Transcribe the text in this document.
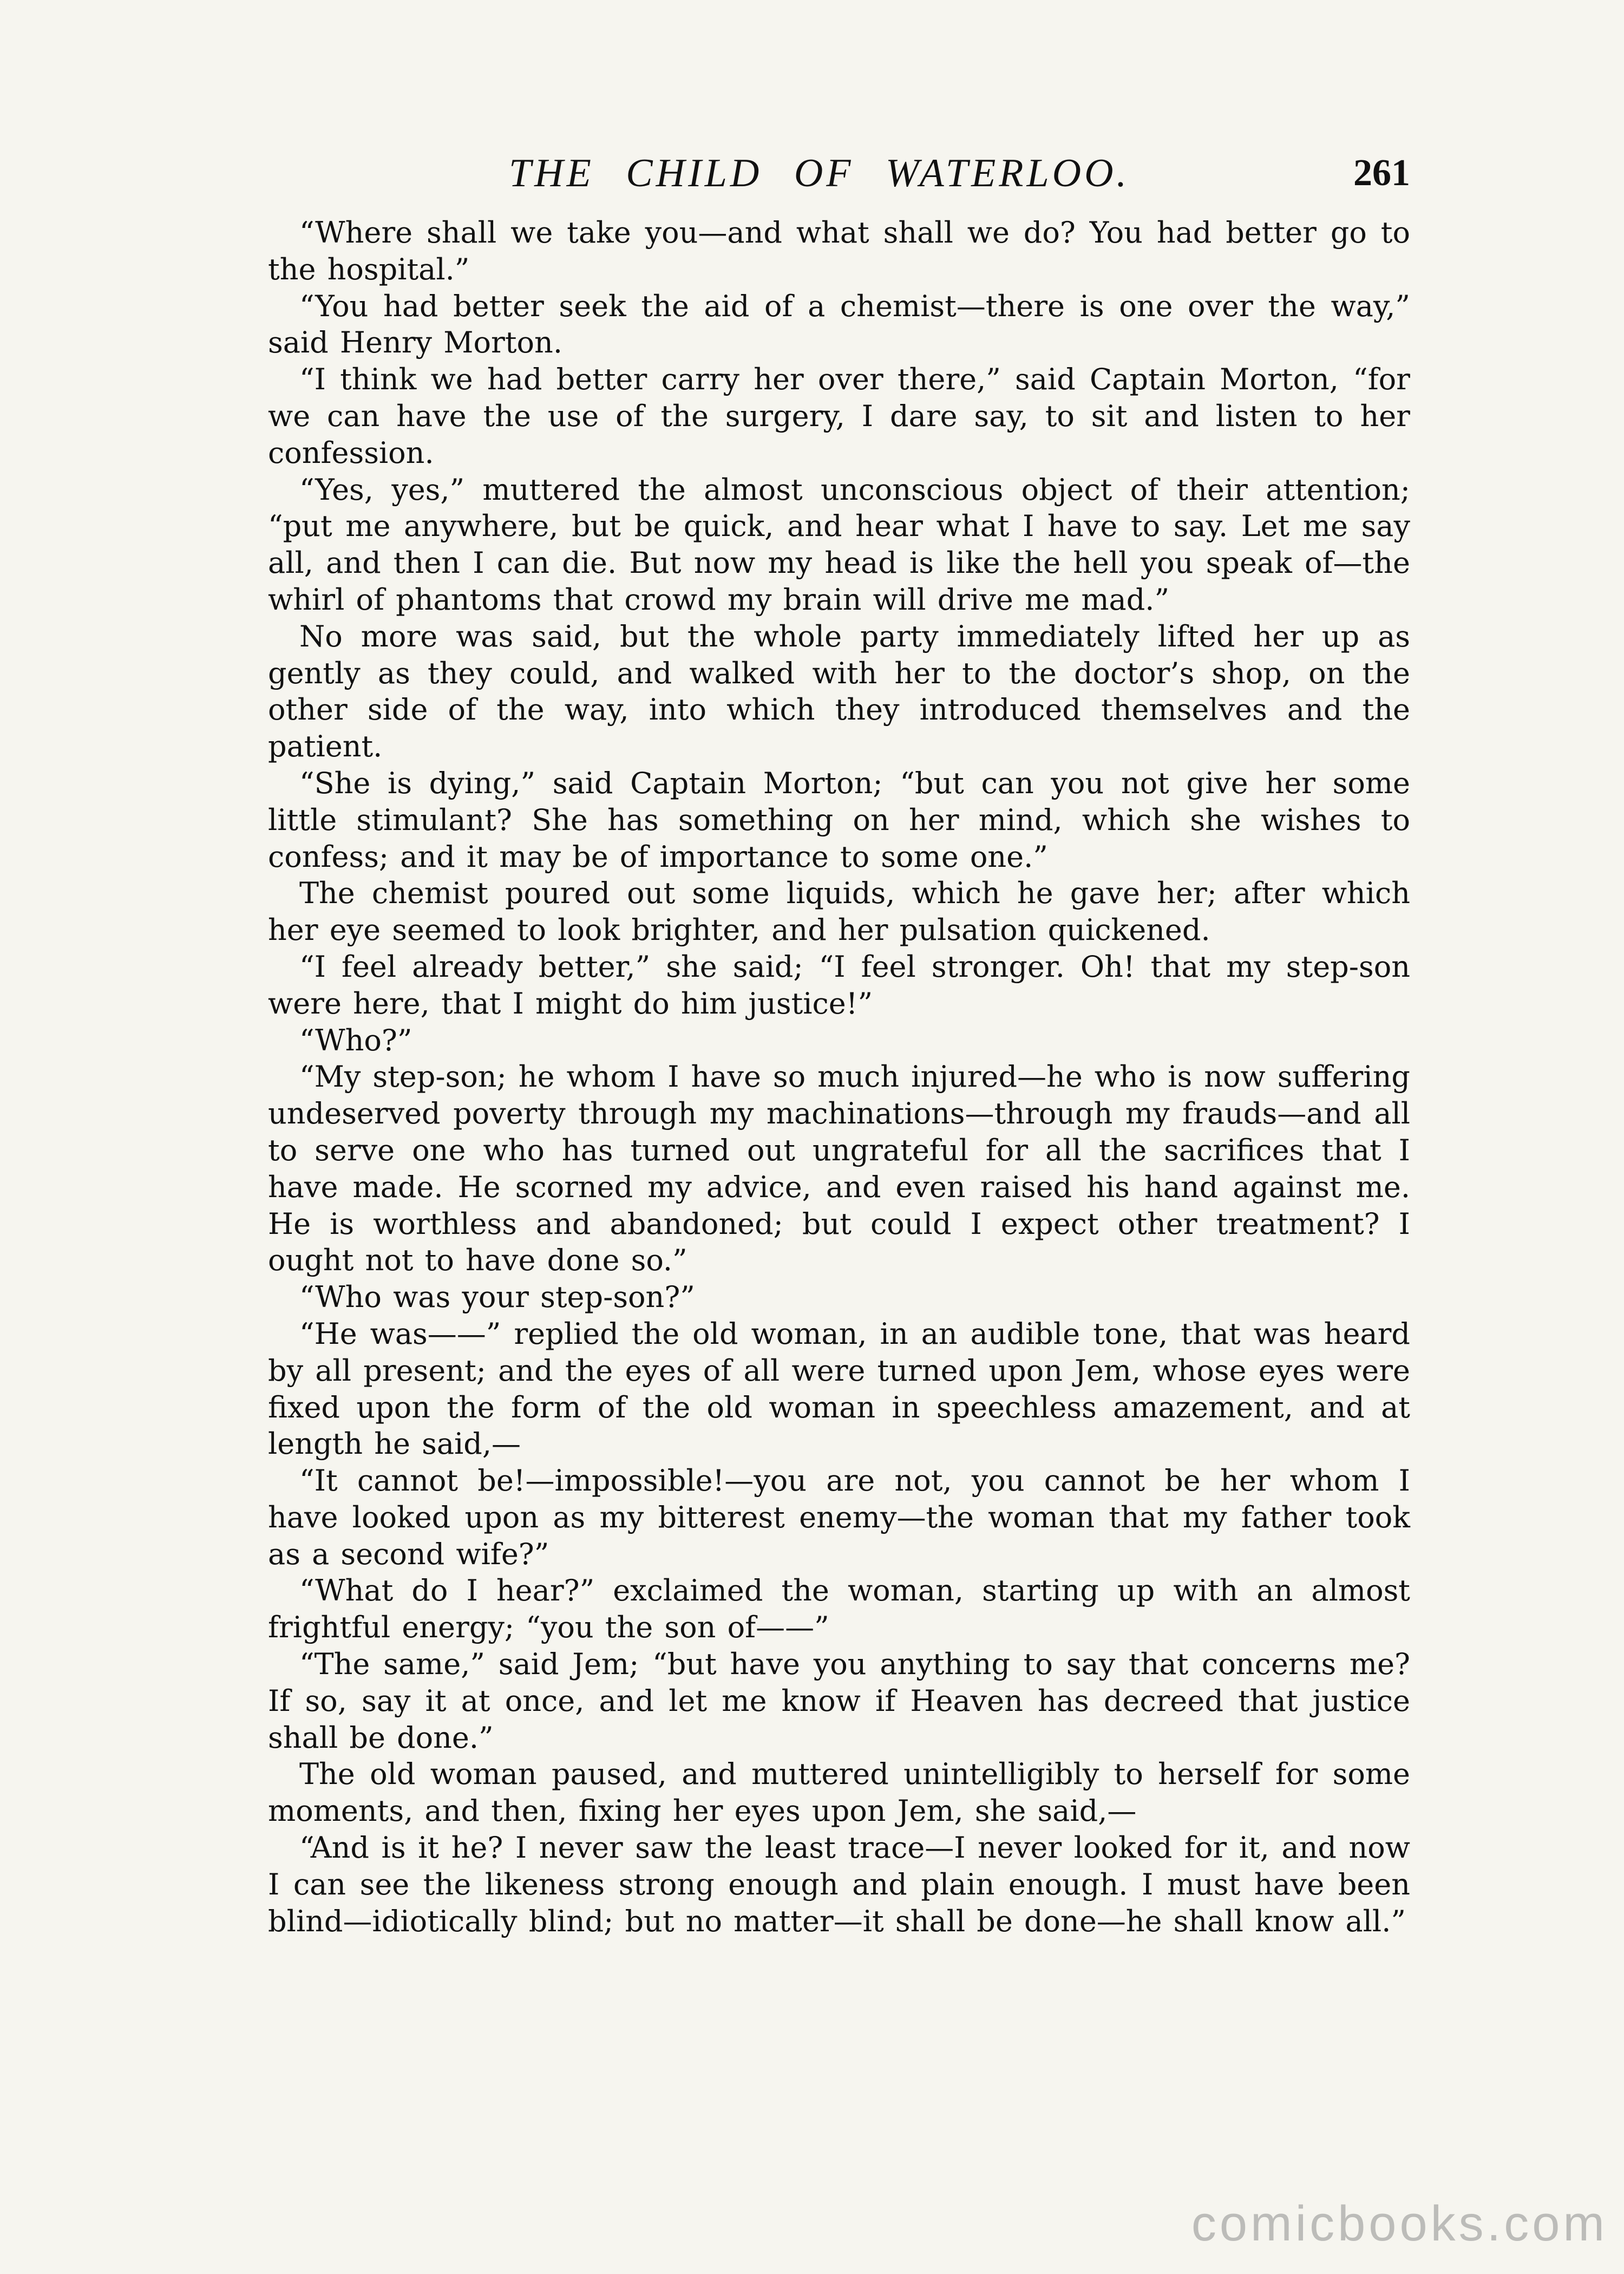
THE CHILD OF WATERLOO.	261

“Where shall we take you—and what shall we do? You had better go to the hospital.”

“You had better seek the aid of a chemist—there is one over the way,” said Henry Morton.

“I think we had better carry her over there,” said Captain Morton, “for we can have the use of the surgery, I dare say, to sit and listen to her confession.

“Yes, yes,” muttered the almost unconscious object of their attention; “put me anywhere, but be quick, and hear what I have to say. Let me say all, and then I can die. But now my head is like the hell you speak of—the whirl of phantoms that crowd my brain will drive me mad.”

No more was said, but the whole party immediately lifted her up as gently as they could, and walked with her to the doctor’s shop, on the other side of the way, into which they introduced themselves and the patient.

“She is dying,” said Captain Morton; “but can you not give her some little stimulant? She has something on her mind, which she wishes to confess; and it may be of importance to some one.”

The chemist poured out some liquids, which he gave her; after which her eye seemed to look brighter, and her pulsation quickened.

“I feel already better,” she said; “I feel stronger. Oh! that my step-son were here, that I might do him justice!”

“Who?”

“My step-son; he whom I have so much injured—he who is now suffering undeserved poverty through my machinations—through my frauds—and all to serve one who has turned out ungrateful for all the sacrifices that I have made. He scorned my advice, and even raised his hand against me. He is worthless and abandoned; but could I expect other treatment? I ought not to have done so.”

“Who was your step-son?”

“He was——” replied the old woman, in an audible tone, that was heard by all present; and the eyes of all were turned upon Jem, whose eyes were fixed upon the form of the old woman in speechless amazement, and at length he said,—

“It cannot be!—impossible!—you are not, you cannot be her whom I have looked upon as my bitterest enemy—the woman that my father took as a second wife?”

“What do I hear?” exclaimed the woman, starting up with an almost frightful energy; “you the son of——”

“The same,” said Jem; “but have you anything to say that concerns me? If so, say it at once, and let me know if Heaven has decreed that justice shall be done.”

The old woman paused, and muttered unintelligibly to herself for some moments, and then, fixing her eyes upon Jem, she said,—

“And is it he? I never saw the least trace—I never looked for it, and now I can see the likeness strong enough and plain enough. I must have been blind—idiotically blind; but no matter—it shall be done—he shall know all.”

comicbooks.com
